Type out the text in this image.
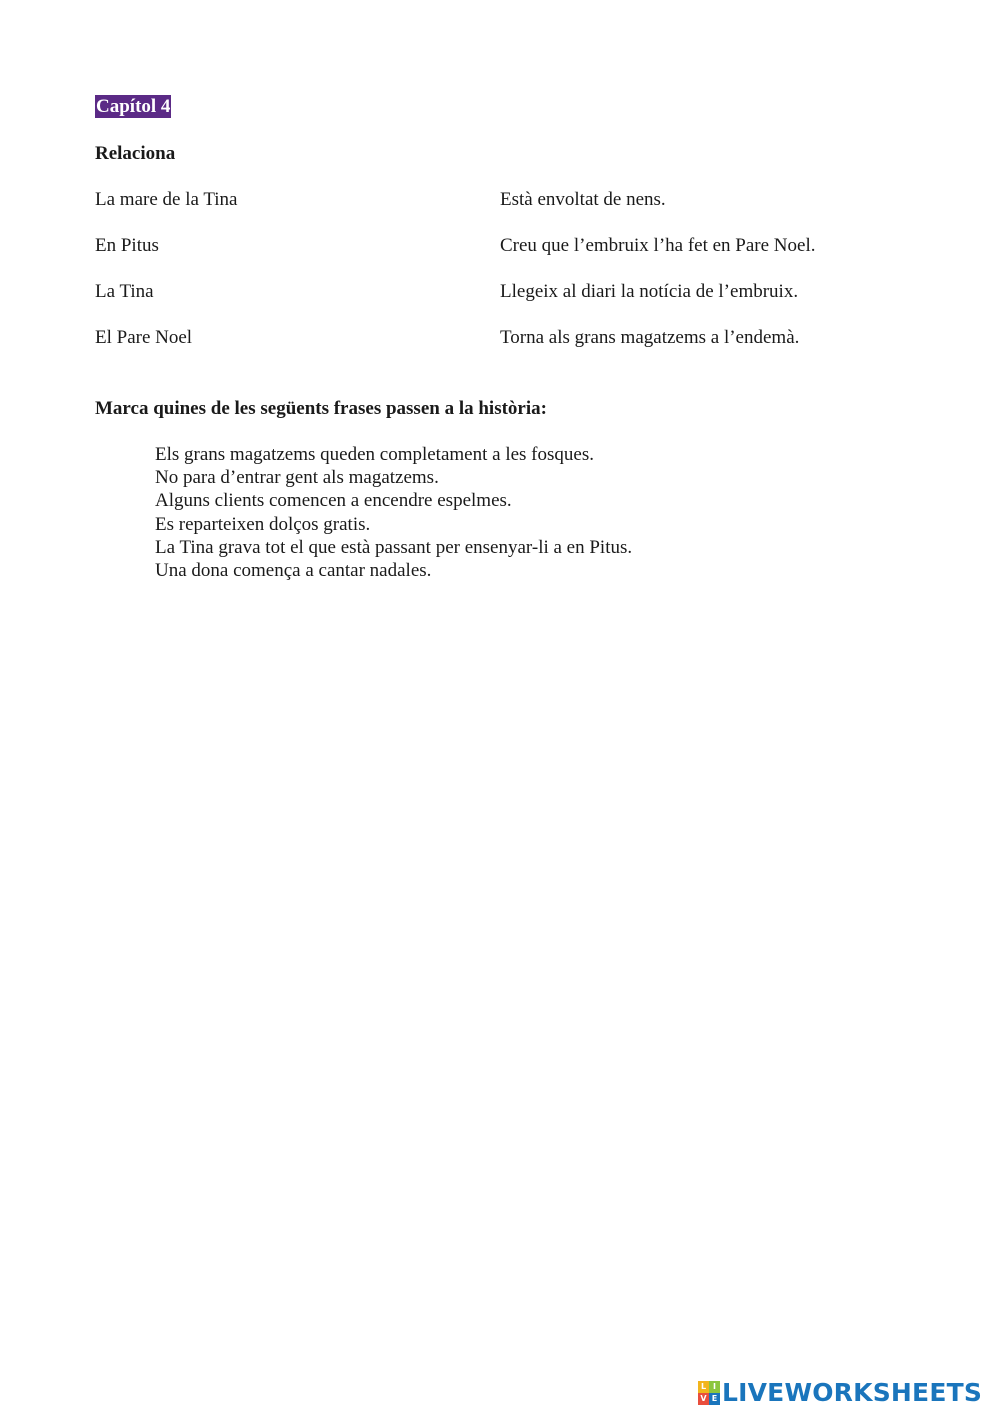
Capítol 4
Relaciona
La mare de la Tina	Està envoltat de nens.
En Pitus	Creu que l’embruix l’ha fet en Pare Noel.
La Tina	Llegeix al diari la notícia de l’embruix.
El Pare Noel	Torna als grans magatzems a l’endemà.
Marca quines de les següents frases passen a la història:
Els grans magatzems queden completament a les fosques.
No para d’entrar gent als magatzems.
Alguns clients comencen a encendre espelmes.
Es reparteixen dolços gratis.
La Tina grava tot el que està passant per ensenyar-li a en Pitus.
Una dona comença a cantar nadales.
L I
V E LIVEWORKSHEETS
